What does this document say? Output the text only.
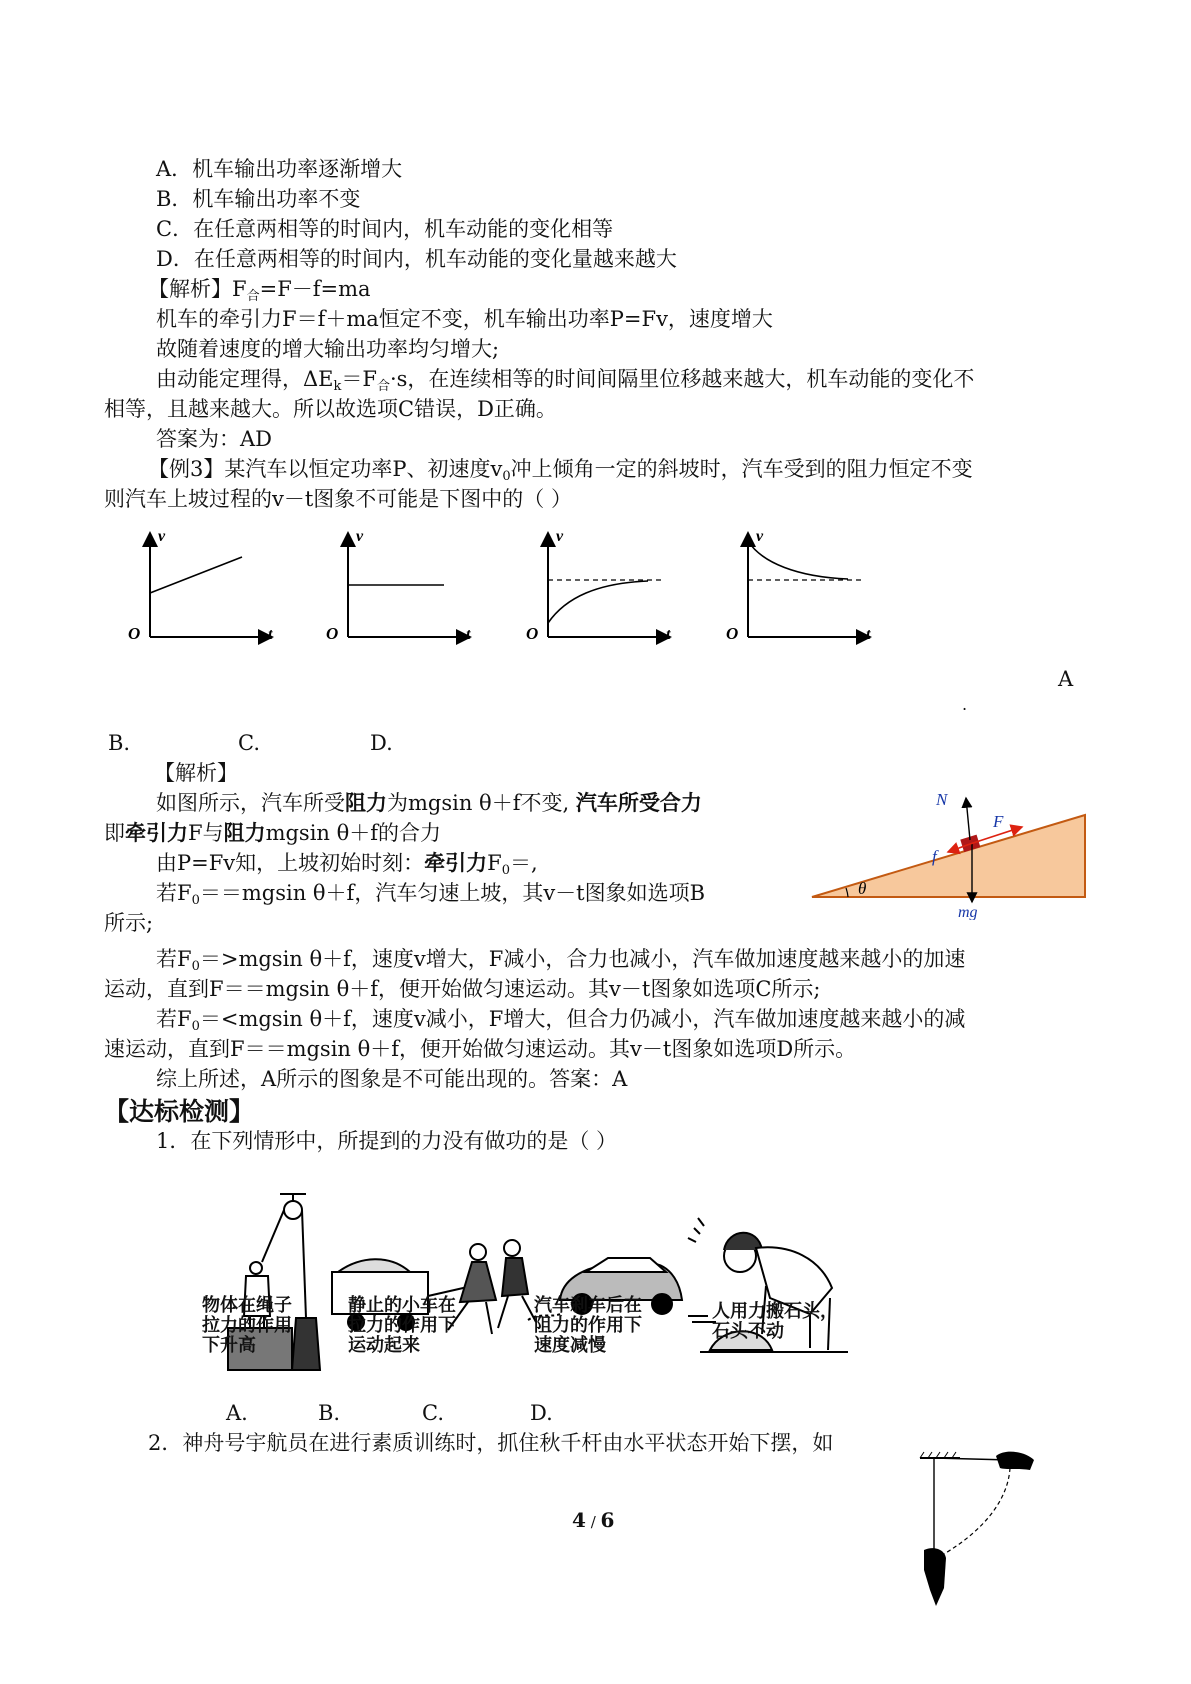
A．机车输出功率逐渐增大
B．机车输出功率不变
C．在任意两相等的时间内，机车动能的变化相等
D．在任意两相等的时间内，机车动能的变化量越来越大
【解析】$F_合=F-f=ma$
机车的牵引力F＝f＋ma恒定不变，机车输出功率P=Fv，速度增大
故随着速度的增大输出功率均匀增大;
由动能定理得，$\Delta E_k=F_合\cdot s$，在连续相等的时间间隔里位移越来越大，机车动能的变化不
相等，且越来越大。所以故选项C错误，D正确。
答案为：AD
【例3】某汽车以恒定功率P、初速度$v_0$冲上倾角一定的斜坡时，汽车受到的阻力恒定不变
则汽车上坡过程的v－t图象不可能是下图中的（ ）
v
t
O
v
t
O
v
t
O
v
t
O
A
.
B.	C.	D.
【解析】
如图所示，汽车所受阻力为mgsin θ＋f不变, 汽车所受合力
即牵引力F与阻力mgsin θ＋f的合力
由P=Fv知，上坡初始时刻：牵引力$F_0=$,
若$F_0==mgsin$ θ＋f，汽车匀速上坡，其v－t图象如选项B
所示;
若$F_0=>mgsin$ θ＋f，速度v增大，F减小，合力也减小，汽车做加速度越来越小的加速
运动，直到F＝＝mgsin θ＋f，便开始做匀速运动。其v－t图象如选项C所示;
若$F_0=<mgsin$ θ＋f，速度v减小，F增大，但合力仍减小，汽车做加速度越来越小的减
速运动，直到F＝＝mgsin θ＋f，便开始做匀速运动。其v－t图象如选项D所示。
综上所述，A所示的图象是不可能出现的。答案：A
N
F
f
θ
mg
【达标检测】
1．在下列情形中，所提到的力没有做功的是（ ）
物体在绳子
拉力的作用
下升高
静止的小车在
拉力的作用下
运动起来
汽车刹车后在
阻力的作用下
速度减慢
人用力搬石头，
石头不动
A.	B.	C.	D.
2．神舟号宇航员在进行素质训练时，抓住秋千杆由水平状态开始下摆，如
4 / 6
